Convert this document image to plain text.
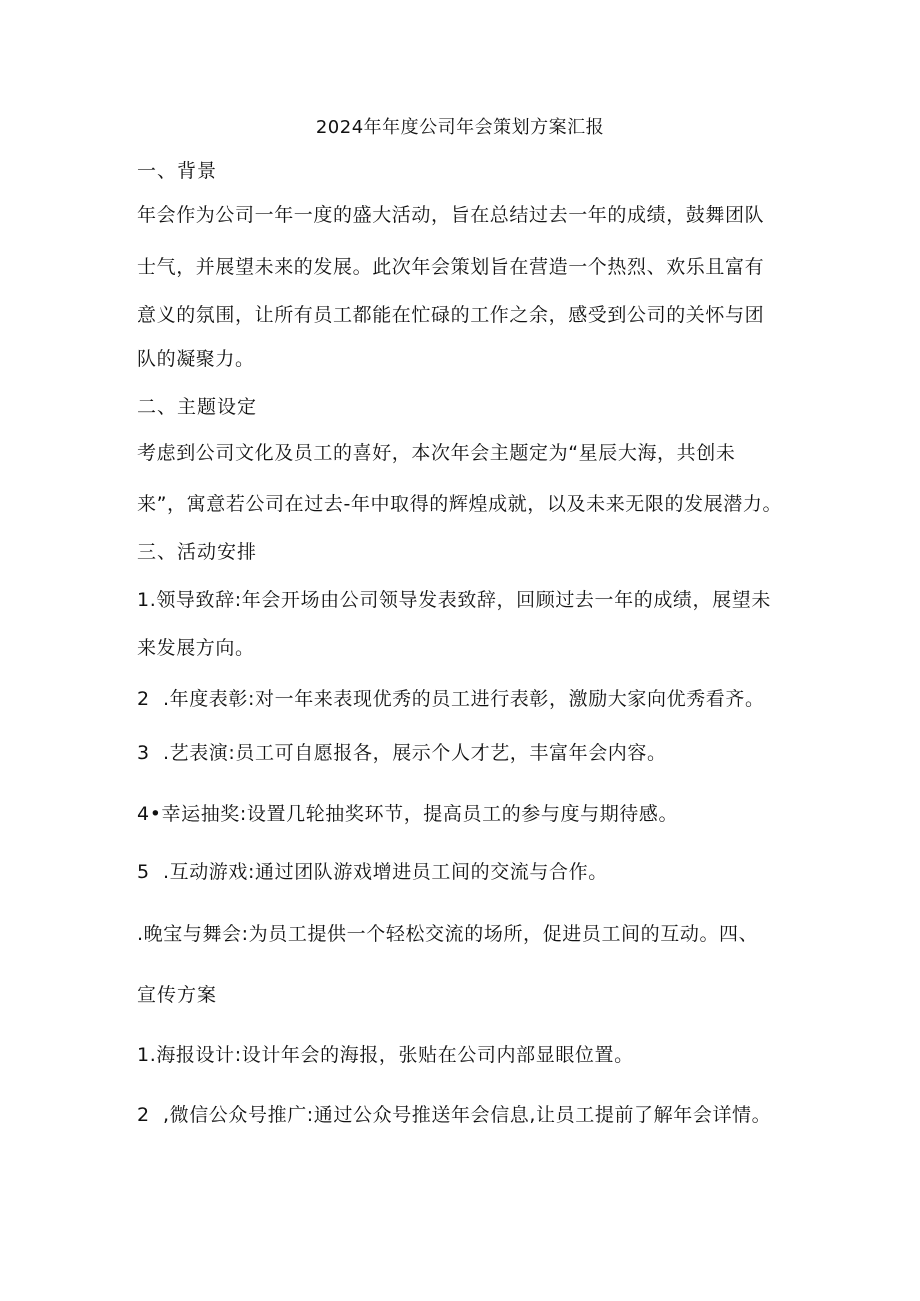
2024年年度公司年会策划方案汇报
一、背景
年会作为公司一年一度的盛大活动，旨在总结过去一年的成绩，鼓舞团队
士气，并展望未来的发展。此次年会策划旨在营造一个热烈、欢乐且富有
意义的氛围，让所有员工都能在忙碌的工作之余，感受到公司的关怀与团
队的凝聚力。
二、主题设定
考虑到公司文化及员工的喜好，本次年会主题定为“星辰大海，共创未
来”，寓意若公司在过去-年中取得的辉煌成就，以及未来无限的发展潜力。
三、活动安排
1.领导致辞:年会开场由公司领导发表致辞，回顾过去一年的成绩，展望未
来发展方向。
2  .年度表彰:对一年来表现优秀的员工进行表彰，激励大家向优秀看齐。
3  .艺表演:员工可自愿报各，展示个人才艺，丰富年会内容。
4•幸运抽奖:设置几轮抽奖环节，提高员工的参与度与期待感。
5  .互动游戏:通过团队游戏增进员工间的交流与合作。
.晚宝与舞会:为员工提供一个轻松交流的场所，促进员工间的互动。四、
宣传方案
1.海报设计:设计年会的海报，张贴在公司内部显眼位置。
2  ,微信公众号推广:通过公众号推送年会信息,让员工提前了解年会详情。
